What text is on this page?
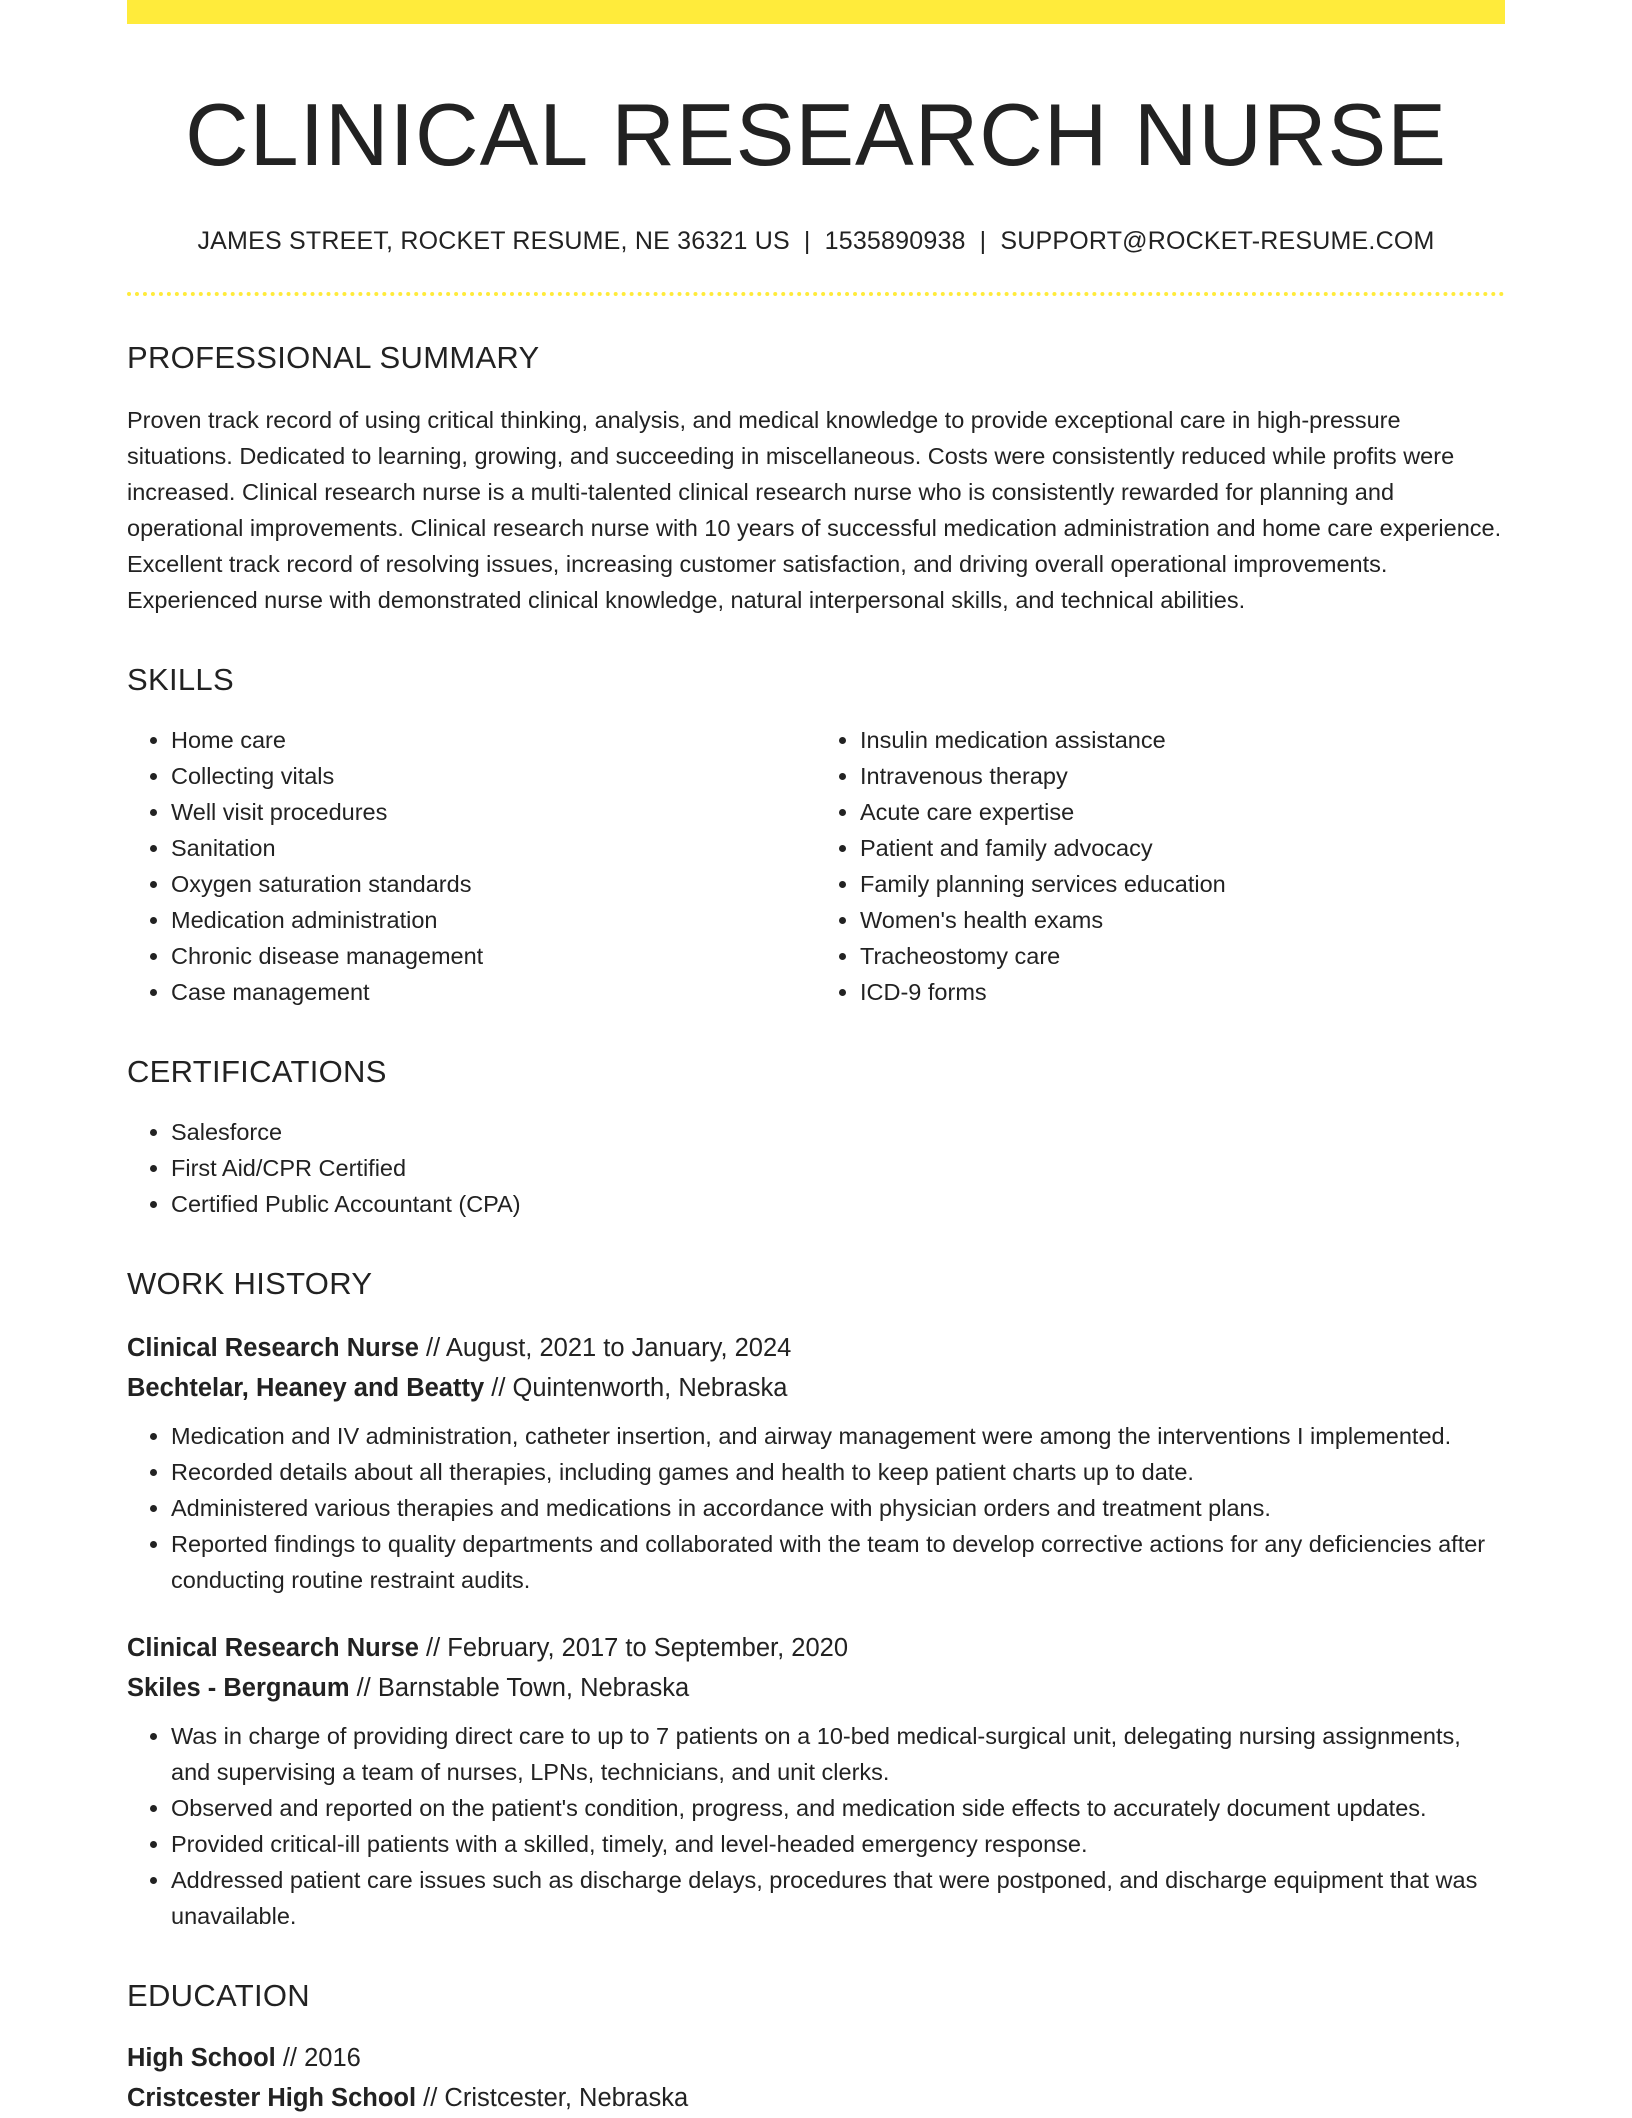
CLINICAL RESEARCH NURSE
JAMES STREET, ROCKET RESUME, NE 36321 US | 1535890938 | SUPPORT@ROCKET-RESUME.COM
PROFESSIONAL SUMMARY

Proven track record of using critical thinking, analysis, and medical knowledge to provide exceptional care in high-pressure situations. Dedicated to learning, growing, and succeeding in miscellaneous. Costs were consistently reduced while profits were increased. Clinical research nurse is a multi-talented clinical research nurse who is consistently rewarded for planning and operational improvements. Clinical research nurse with 10 years of successful medication administration and home care experience. Excellent track record of resolving issues, increasing customer satisfaction, and driving overall operational improvements. Experienced nurse with demonstrated clinical knowledge, natural interpersonal skills, and technical abilities.

SKILLS
• Home care
• Collecting vitals
• Well visit procedures
• Sanitation
• Oxygen saturation standards
• Medication administration
• Chronic disease management
• Case management
• Insulin medication assistance
• Intravenous therapy
• Acute care expertise
• Patient and family advocacy
• Family planning services education
• Women's health exams
• Tracheostomy care
• ICD-9 forms
CERTIFICATIONS
• Salesforce
• First Aid/CPR Certified
• Certified Public Accountant (CPA)
WORK HISTORY
Clinical Research Nurse // August, 2021 to January, 2024
Bechtelar, Heaney and Beatty // Quintenworth, Nebraska
• Medication and IV administration, catheter insertion, and airway management were among the interventions I implemented.
• Recorded details about all therapies, including games and health to keep patient charts up to date.
• Administered various therapies and medications in accordance with physician orders and treatment plans.
• Reported findings to quality departments and collaborated with the team to develop corrective actions for any deficiencies after conducting routine restraint audits.
Clinical Research Nurse // February, 2017 to September, 2020
Skiles - Bergnaum // Barnstable Town, Nebraska
• Was in charge of providing direct care to up to 7 patients on a 10-bed medical-surgical unit, delegating nursing assignments, and supervising a team of nurses, LPNs, technicians, and unit clerks.
• Observed and reported on the patient's condition, progress, and medication side effects to accurately document updates.
• Provided critical-ill patients with a skilled, timely, and level-headed emergency response.
• Addressed patient care issues such as discharge delays, procedures that were postponed, and discharge equipment that was unavailable.
EDUCATION
High School // 2016
Cristcester High School // Cristcester, Nebraska
